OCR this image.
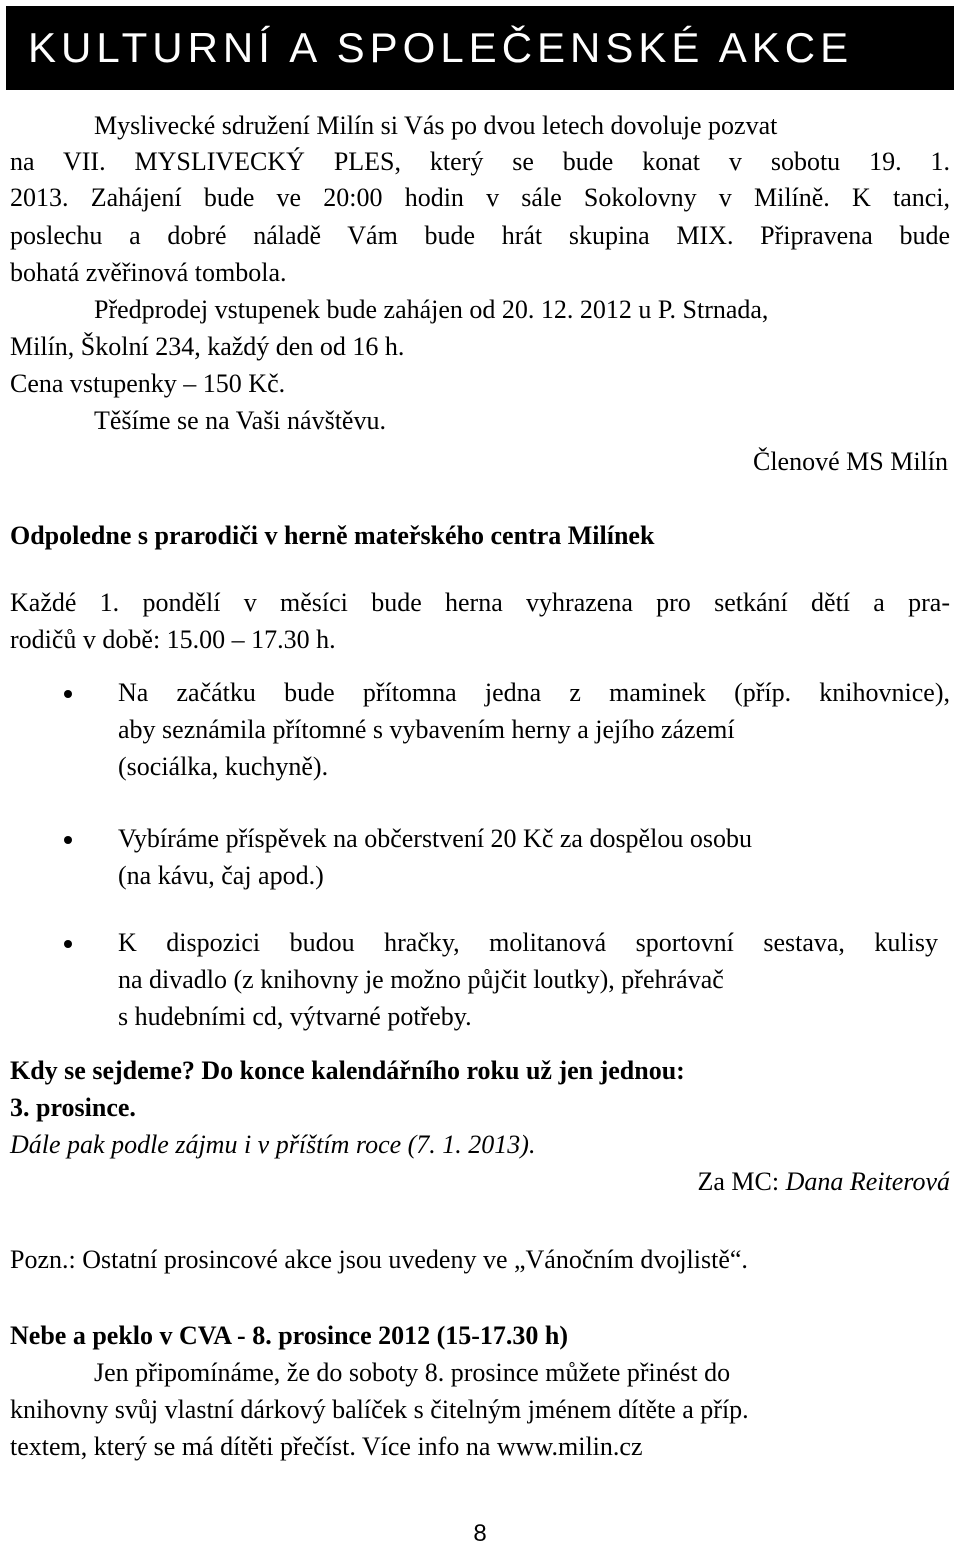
KULTURNÍ A SPOLEČENSKÉ AKCE

Myslivecké sdružení Milín si Vás po dvou letech dovoluje pozvat

na VII. MYSLIVECKÝ PLES, který se bude konat v sobotu 19. 1.

2013. Zahájení bude ve 20:00 hodin v sále Sokolovny v Milíně. K tanci,

poslechu a dobré náladě Vám bude hrát skupina MIX. Připravena bude

bohatá zvěřinová tombola.

Předprodej vstupenek bude zahájen od 20. 12. 2012 u P. Strnada,

Milín, Školní 234, každý den od 16 h.

Cena vstupenky – 150 Kč.

Těšíme se na Vaši návštěvu.

Členové MS Milín

Odpoledne s prarodiči v herně mateřského centra Milínek

Každé 1. pondělí v měsíci bude herna vyhrazena pro setkání dětí a pra-

rodičů v době: 15.00 – 17.30 h.

Na začátku bude přítomna jedna z maminek (příp. knihovnice),

aby seznámila přítomné s vybavením herny a jejího zázemí

(sociálka, kuchyně).

Vybíráme příspěvek na občerstvení 20 Kč za dospělou osobu

(na kávu, čaj apod.)

K dispozici budou hračky, molitanová sportovní sestava, kulisy

na divadlo (z knihovny je možno půjčit loutky), přehrávač

s hudebními cd, výtvarné potřeby.

Kdy se sejdeme? Do konce kalendářního roku už jen jednou:

3. prosince.

Dále pak podle zájmu i v příštím roce (7. 1. 2013).

Za MC: Dana Reiterová

Pozn.: Ostatní prosincové akce jsou uvedeny ve „Vánočním dvojlistě“.

Nebe a peklo v CVA - 8. prosince 2012 (15-17.30 h)

Jen připomínáme, že do soboty 8. prosince můžete přinést do

knihovny svůj vlastní dárkový balíček s čitelným jménem dítěte a příp.

textem, který se má dítěti přečíst. Více info na www.milin.cz

8
